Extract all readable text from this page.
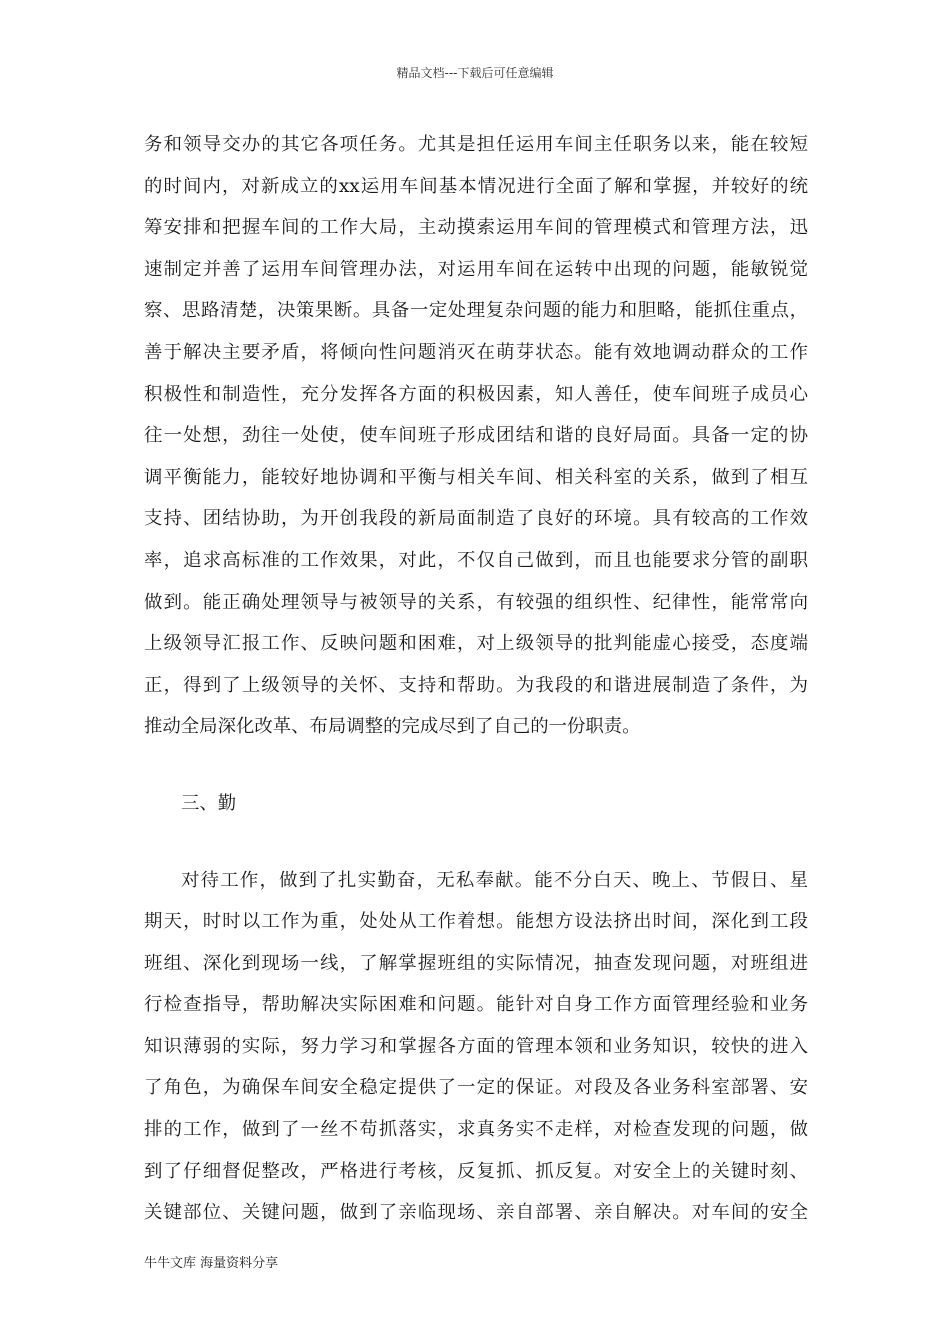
精品文档---下载后可任意编辑
务和领导交办的其它各项任务。尤其是担任运用车间主任职务以来，能在较短
的时间内，对新成立的xx运用车间基本情况进行全面了解和掌握，并较好的统
筹安排和把握车间的工作大局，主动摸索运用车间的管理模式和管理方法，迅
速制定并善了运用车间管理办法，对运用车间在运转中出现的问题，能敏锐觉
察、思路清楚，决策果断。具备一定处理复杂问题的能力和胆略，能抓住重点，
善于解决主要矛盾，将倾向性问题消灭在萌芽状态。能有效地调动群众的工作
积极性和制造性，充分发挥各方面的积极因素，知人善任，使车间班子成员心
往一处想，劲往一处使，使车间班子形成团结和谐的良好局面。具备一定的协
调平衡能力，能较好地协调和平衡与相关车间、相关科室的关系，做到了相互
支持、团结协助，为开创我段的新局面制造了良好的环境。具有较高的工作效
率，追求高标准的工作效果，对此，不仅自己做到，而且也能要求分管的副职
做到。能正确处理领导与被领导的关系，有较强的组织性、纪律性，能常常向
上级领导汇报工作、反映问题和困难，对上级领导的批判能虚心接受，态度端
正，得到了上级领导的关怀、支持和帮助。为我段的和谐进展制造了条件，为
推动全局深化改革、布局调整的完成尽到了自己的一份职责。
三、勤
对待工作，做到了扎实勤奋，无私奉献。能不分白天、晚上、节假日、星
期天，时时以工作为重，处处从工作着想。能想方设法挤出时间，深化到工段
班组、深化到现场一线，了解掌握班组的实际情况，抽查发现问题，对班组进
行检查指导，帮助解决实际困难和问题。能针对自身工作方面管理经验和业务
知识薄弱的实际，努力学习和掌握各方面的管理本领和业务知识，较快的进入
了角色，为确保车间安全稳定提供了一定的保证。对段及各业务科室部署、安
排的工作，做到了一丝不苟抓落实，求真务实不走样，对检查发现的问题，做
到了仔细督促整改，严格进行考核，反复抓、抓反复。对安全上的关键时刻、
关键部位、关键问题，做到了亲临现场、亲自部署、亲自解决。对车间的安全
牛牛文库 海量资料分享
